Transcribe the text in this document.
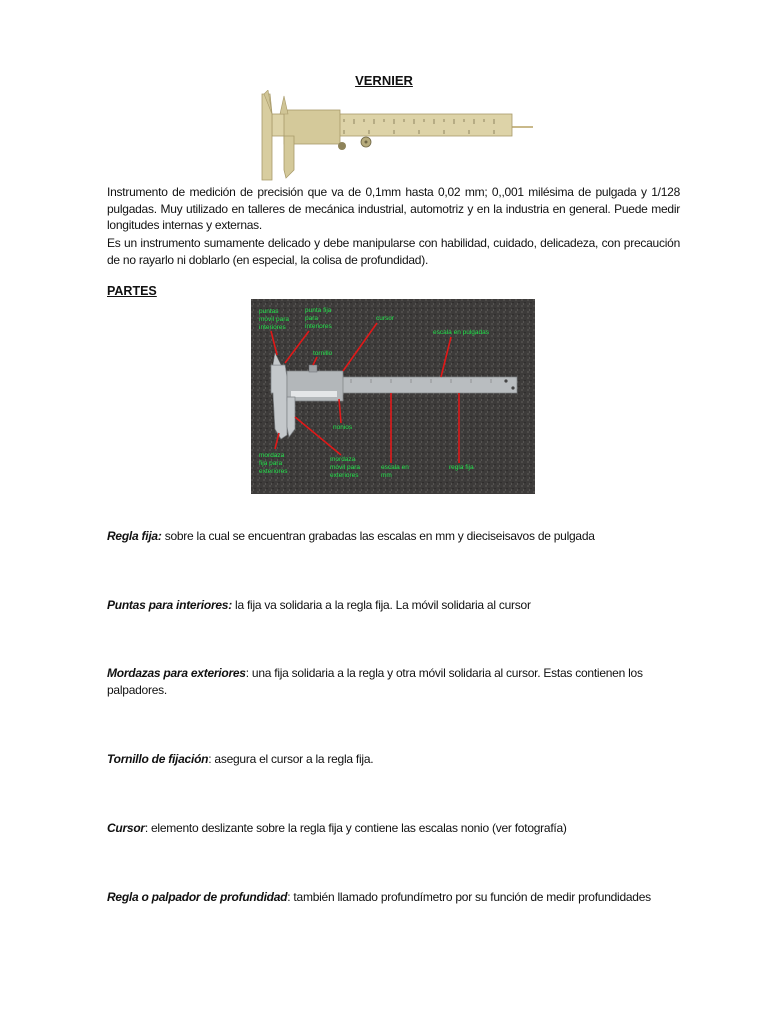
VERNIER
Instrumento de medición de precisión que va de 0,1mm hasta 0,02 mm; 0,,001 milésima de pulgada y 1/128 pulgadas. Muy utilizado en talleres de mecánica industrial, automotriz y en la industria en general. Puede medir longitudes internas y externas.
Es un instrumento sumamente delicado y debe manipularse con habilidad, cuidado, delicadeza, con precaución de no rayarlo ni doblarlo (en especial, la colisa de profundidad).
PARTES
puntas
móvil para
interiores
punta fija
para
interiores
cursor
escala en pulgadas
tornillo
nonios
mordaza
fija para
exteriores
mordaza
móvil para
exteriores
escala en
mm
regla fija
Regla fija: sobre la cual se encuentran grabadas las escalas en mm y dieciseisavos de pulgada
Puntas para interiores: la fija va solidaria a la regla fija. La móvil solidaria al cursor
Mordazas para exteriores: una fija solidaria a la regla y otra móvil solidaria al cursor. Estas contienen los palpadores.
Tornillo de fijación: asegura el cursor a la regla fija.
Cursor: elemento deslizante sobre la regla fija y contiene las escalas nonio (ver fotografía)
Regla o palpador de profundidad: también llamado profundímetro por su función de medir profundidades
